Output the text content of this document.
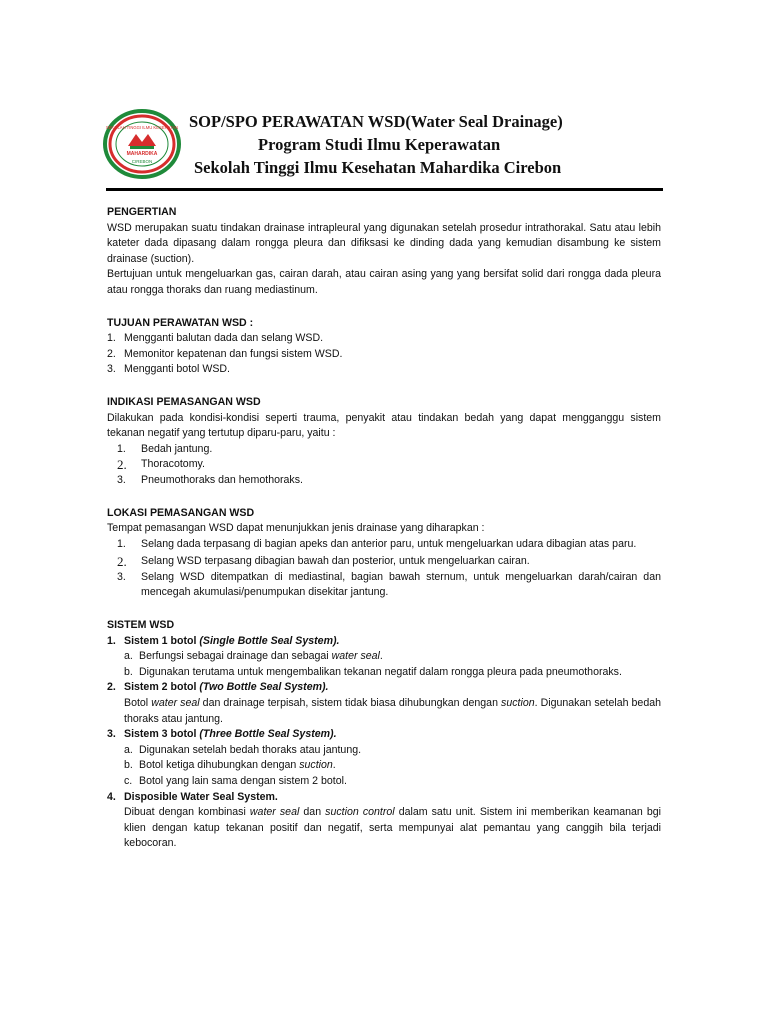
SEKOLAH TINGGI ILMU KESEHATAN
MAHARDIKA
CIREBON
SOP/SPO PERAWATAN WSD(Water Seal Drainage)
Program Studi Ilmu Keperawatan
Sekolah Tinggi Ilmu Kesehatan Mahardika Cirebon
PENGERTIAN

WSD merupakan suatu tindakan drainase intrapleural yang digunakan setelah prosedur intrathorakal. Satu atau lebih kateter dada dipasang dalam rongga pleura dan difiksasi ke dinding dada yang kemudian disambung ke sistem drainase (suction).

Bertujuan untuk mengeluarkan gas, cairan darah, atau cairan asing yang yang bersifat solid dari rongga dada pleura atau rongga thoraks dan ruang mediastinum.

TUJUAN PERAWATAN WSD :
1. Mengganti balutan dada dan selang WSD.
2. Memonitor kepatenan dan fungsi sistem WSD.
3. Mengganti botol WSD.
INDIKASI PEMASANGAN WSD

Dilakukan pada kondisi-kondisi seperti trauma, penyakit atau tindakan bedah yang dapat mengganggu sistem tekanan negatif yang tertutup diparu-paru, yaitu :

1.	Bedah jantung.
2.	Thoracotomy.
3.	Pneumothoraks dan hemothoraks.
LOKASI PEMASANGAN WSD

Tempat pemasangan WSD dapat menunjukkan jenis drainase yang diharapkan :

1.	Selang dada terpasang di bagian apeks dan anterior paru, untuk mengeluarkan udara dibagian atas paru.
2.	Selang WSD terpasang dibagian bawah dan posterior, untuk mengeluarkan cairan.
3.	Selang WSD ditempatkan di mediastinal, bagian bawah sternum, untuk mengeluarkan darah/cairan dan mencegah akumulasi/penumpukan disekitar jantung.
SISTEM WSD
1. Sistem 1 botol (Single Bottle Seal System).
a. Berfungsi sebagai drainage dan sebagai water seal.
b. Digunakan terutama untuk mengembalikan tekanan negatif dalam rongga pleura pada pneumothoraks.
2. Sistem 2 botol (Two Bottle Seal System).
Botol water seal dan drainage terpisah, sistem tidak biasa dihubungkan dengan suction. Digunakan setelah bedah thoraks atau jantung.
3. Sistem 3 botol (Three Bottle Seal System).
a. Digunakan setelah bedah thoraks atau jantung.
b. Botol ketiga dihubungkan dengan suction.
c. Botol yang lain sama dengan sistem 2 botol.
4. Disposible Water Seal System.
Dibuat dengan kombinasi water seal dan suction control dalam satu unit. Sistem ini memberikan keamanan bgi klien dengan katup tekanan positif dan negatif, serta mempunyai alat pemantau yang canggih bila terjadi kebocoran.
